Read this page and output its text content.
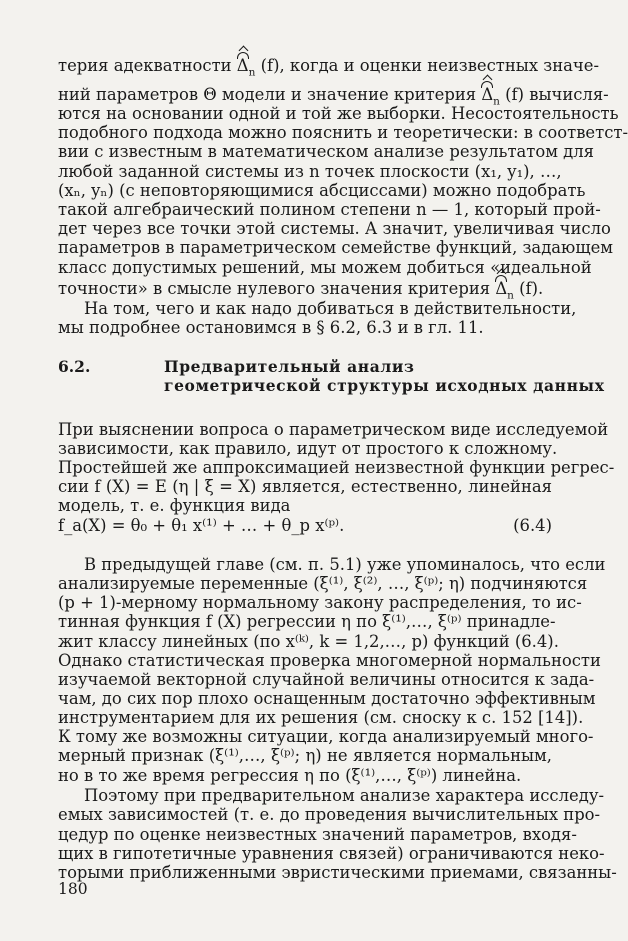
терия адекватности $\Delta_n$ (f), когда и оценки неизвестных значе-
ний параметров Θ модели и значение критерия $\Delta_n$ (f) вычисля-
ются на основании одной и той же выборки. Несостоятельность
подобного подхода можно пояснить и теоретически: в соответст-
вии с известным в математическом анализе результатом для
любой заданной системы из n точек плоскости (x₁, y₁), …,
(xₙ, yₙ) (с неповторяющимися абсциссами) можно подобрать
такой алгебраический полином степени n — 1, который прой-
дет через все точки этой системы. А значит, увеличивая число
параметров в параметрическом семействе функций, задающем
класс допустимых решений, мы можем добиться «идеальной
точности» в смысле нулевого значения критерия $\Delta_n$ (f).
На том, чего и как надо добиваться в действительности,
мы подробнее остановимся в § 6.2, 6.3 и в гл. 11.
6.2.	Предварительный анализ
геометрической структуры исходных данных
При выяснении вопроса о параметрическом виде исследуемой
зависимости, как правило, идут от простого к сложному.
Простейшей же аппроксимацией неизвестной функции регрес-
сии f (X) = E (η | ξ = X) является, естественно, линейная
модель, т. е. функция вида
f_a(X) = θ₀ + θ₁ x⁽¹⁾ + … + θ_p x⁽ᵖ⁾.	(6.4)
В предыдущей главе (см. п. 5.1) уже упоминалось, что если
анализируемые переменные (ξ⁽¹⁾, ξ⁽²⁾, …, ξ⁽ᵖ⁾; η) подчиняются
(p + 1)-мерному нормальному закону распределения, то ис-
тинная функция f (X) регрессии η по ξ⁽¹⁾,…, ξ⁽ᵖ⁾ принадле-
жит классу линейных (по x⁽ᵏ⁾, k = 1,2,…, p) функций (6.4).
Однако статистическая проверка многомерной нормальности
изучаемой векторной случайной величины относится к зада-
чам, до сих пор плохо оснащенным достаточно эффективным
инструментарием для их решения (см. сноску к с. 152 [14]).
К тому же возможны ситуации, когда анализируемый много-
мерный признак (ξ⁽¹⁾,…, ξ⁽ᵖ⁾; η) не является нормальным,
но в то же время регрессия η по (ξ⁽¹⁾,…, ξ⁽ᵖ⁾) линейна.
Поэтому при предварительном анализе характера исследу-
емых зависимостей (т. е. до проведения вычислительных про-
цедур по оценке неизвестных значений параметров, входя-
щих в гипотетичные уравнения связей) ограничиваются неко-
торыми приближенными эвристическими приемами, связанны-
180
